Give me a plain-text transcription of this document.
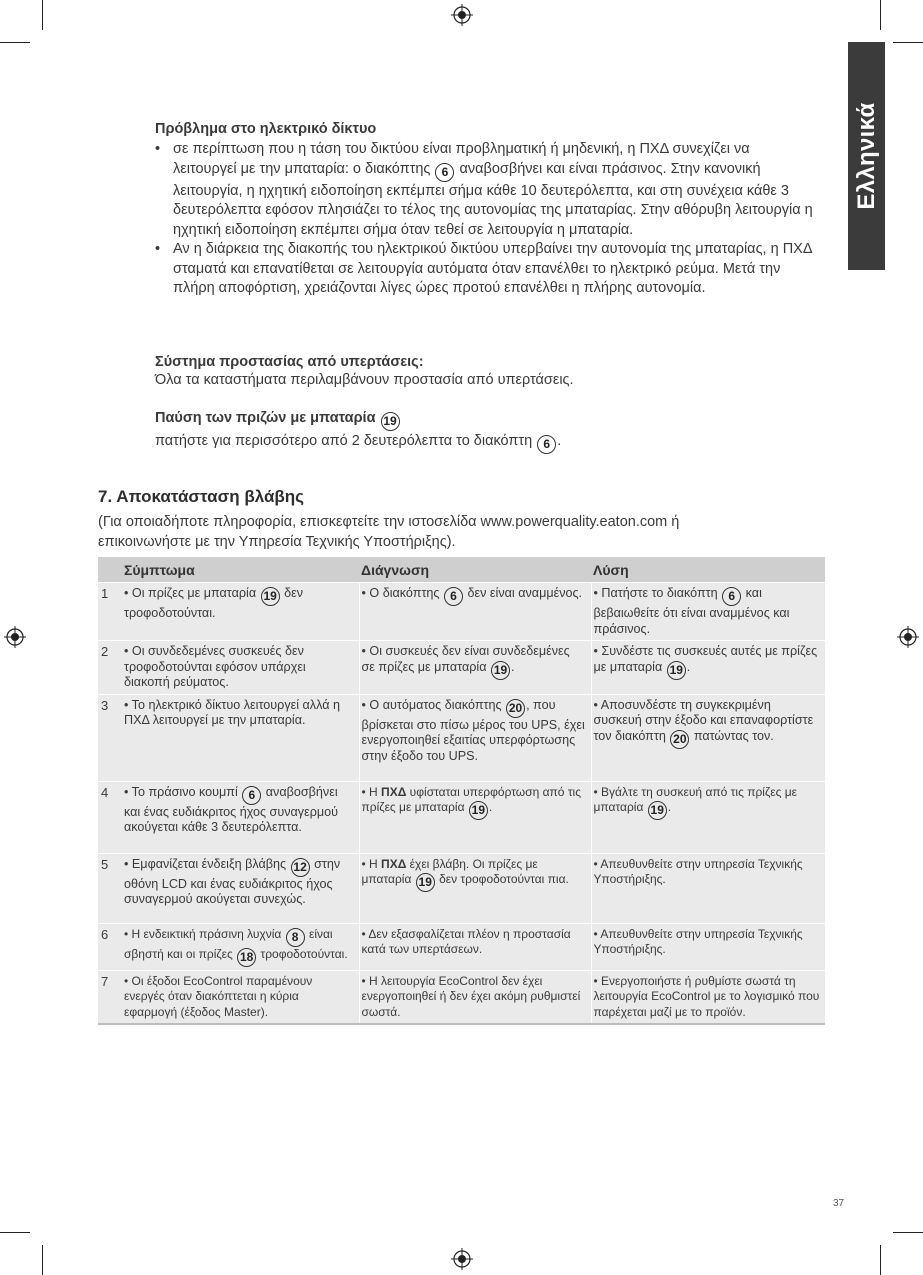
Ελληνικά
Πρόβλημα στο ηλεκτρικό δίκτυο
• σε περίπτωση που η τάση του δικτύου είναι προβληματική ή μηδενική, η ΠΧΔ συνεχίζει να λειτουργεί με την μπαταρία: ο διακόπτης 6 αναβοσβήνει και είναι πράσινος. Στην κανονική λειτουργία, η ηχητική ειδοποίηση εκπέμπει σήμα κάθε 10 δευτερόλεπτα, και στη συνέχεια κάθε 3 δευτερόλεπτα εφόσον πλησιάζει το τέλος της αυτονομίας της μπαταρίας. Στην αθόρυβη λειτουργία η ηχητική ειδοποίηση εκπέμπει σήμα όταν τεθεί σε λειτουργία η μπαταρία.
• Αν η διάρκεια της διακοπής του ηλεκτρικού δικτύου υπερβαίνει την αυτονομία της μπαταρίας, η ΠΧΔ σταματά και επανατίθεται σε λειτουργία αυτόματα όταν επανέλθει το ηλεκτρικό ρεύμα. Μετά την πλήρη αποφόρτιση, χρειάζονται λίγες ώρες προτού επανέλθει η πλήρης αυτονομία.
Σύστημα προστασίας από υπερτάσεις:
Όλα τα καταστήματα περιλαμβάνουν προστασία από υπερτάσεις.
Παύση των πριζών με μπαταρία 19
πατήστε για περισσότερο από 2 δευτερόλεπτα το διακόπτη 6 .
7. Αποκατάσταση βλάβης
(Για οποιαδήποτε πληροφορία, επισκεφτείτε την ιστοσελίδα www.powerquality.eaton.com ή επικοινωνήστε με την Υπηρεσία Τεχνικής Υποστήριξης).
	Σύμπτωμα	Διάγνωση	Λύση
1	• Οι πρίζες με μπαταρία 19 δεν τροφοδοτούνται.	• Ο διακόπτης 6 δεν είναι αναμμένος.	• Πατήστε το διακόπτη 6 και βεβαιωθείτε ότι είναι αναμμένος και πράσινος.
2	• Οι συνδεδεμένες συσκευές δεν τροφοδοτούνται εφόσον υπάρχει διακοπή ρεύματος.	• Οι συσκευές δεν είναι συνδεδεμένες σε πρίζες με μπαταρία 19 .	• Συνδέστε τις συσκευές αυτές με πρίζες με μπαταρία 19 .
3	• Το ηλεκτρικό δίκτυο λειτουργεί αλλά η ΠΧΔ λειτουργεί με την μπαταρία.	• Ο αυτόματος διακόπτης 20 , που βρίσκεται στο πίσω μέρος του UPS, έχει ενεργοποιηθεί εξαιτίας υπερφόρτωσης στην έξοδο του UPS.	• Αποσυνδέστε τη συγκεκριμένη συσκευή στην έξοδο και επαναφορτίστε τον διακόπτη 20 πατώντας τον.
4	• Το πράσινο κουμπί 6 αναβοσβήνει και ένας ευδιάκριτος ήχος συναγερμού ακούγεται κάθε 3 δευτερόλεπτα.	• Η ΠΧΔ υφίσταται υπερφόρτωση από τις πρίζες με μπαταρία 19 .	• Βγάλτε τη συσκευή από τις πρίζες με μπαταρία 19 .
5	• Εμφανίζεται ένδειξη βλάβης 12 στην οθόνη LCD και ένας ευδιάκριτος ήχος συναγερμού ακούγεται συνεχώς.	• Η ΠΧΔ έχει βλάβη. Οι πρίζες με μπαταρία 19 δεν τροφοδοτούνται πια.	• Απευθυνθείτε στην υπηρεσία Τεχνικής Υποστήριξης.
6	• Η ενδεικτική πράσινη λυχνία 8 είναι σβηστή και οι πρίζες 18 τροφοδοτούνται.	• Δεν εξασφαλίζεται πλέον η προστασία κατά των υπερτάσεων.	• Απευθυνθείτε στην υπηρεσία Τεχνικής Υποστήριξης.
7	• Οι έξοδοι EcoControl παραμένουν ενεργές όταν διακόπτεται η κύρια εφαρμογή (έξοδος Master).	• Η λειτουργία EcoControl δεν έχει ενεργοποιηθεί ή δεν έχει ακόμη ρυθμιστεί σωστά.	• Ενεργοποιήστε ή ρυθμίστε σωστά τη λειτουργία EcoControl με το λογισμικό που παρέχεται μαζί με το προϊόν.
37
